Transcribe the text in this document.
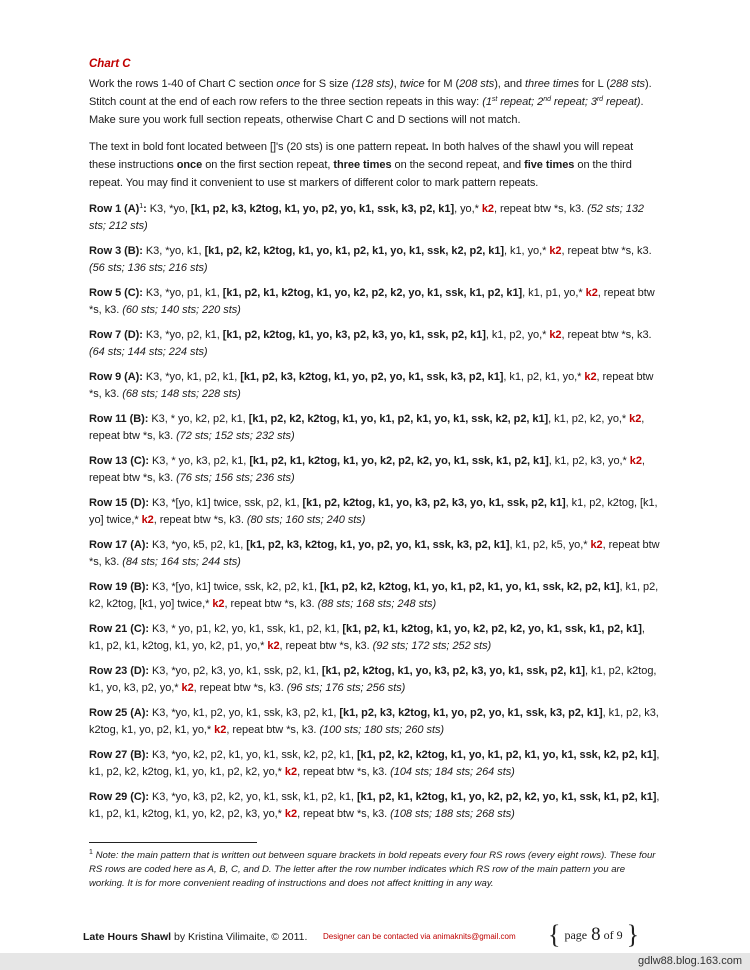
Chart C

Work the rows 1-40 of Chart C section once for S size (128 sts), twice for M (208 sts), and three times for L (288 sts). Stitch count at the end of each row refers to the three section repeats in this way: (1st repeat; 2nd repeat; 3rd repeat). Make sure you work full section repeats, otherwise Chart C and D sections will not match.

The text in bold font located between []'s (20 sts) is one pattern repeat. In both halves of the shawl you will repeat these instructions once on the first section repeat, three times on the second repeat, and five times on the third repeat. You may find it convenient to use st markers of different color to mark pattern repeats.

Row 1 $(A)^1$: K3, *yo, [k1, p2, k3, k2tog, k1, yo, p2, yo, k1, ssk, k3, p2, k1], yo,* k2, repeat btw *s, k3. (52 sts; 132 sts; 212 sts)

Row 3 (B): K3, *yo, k1, [k1, p2, k2, k2tog, k1, yo, k1, p2, k1, yo, k1, ssk, k2, p2, k1], k1, yo,* k2, repeat btw *s, k3. (56 sts; 136 sts; 216 sts)

Row 5 (C): K3, *yo, p1, k1, [k1, p2, k1, k2tog, k1, yo, k2, p2, k2, yo, k1, ssk, k1, p2, k1], k1, p1, yo,* k2, repeat btw *s, k3. (60 sts; 140 sts; 220 sts)

Row 7 (D): K3, *yo, p2, k1, [k1, p2, k2tog, k1, yo, k3, p2, k3, yo, k1, ssk, p2, k1], k1, p2, yo,* k2, repeat btw *s, k3. (64 sts; 144 sts; 224 sts)

Row 9 (A): K3, *yo, k1, p2, k1, [k1, p2, k3, k2tog, k1, yo, p2, yo, k1, ssk, k3, p2, k1], k1, p2, k1, yo,* k2, repeat btw *s, k3. (68 sts; 148 sts; 228 sts)

Row 11 (B): K3, * yo, k2, p2, k1, [k1, p2, k2, k2tog, k1, yo, k1, p2, k1, yo, k1, ssk, k2, p2, k1], k1, p2, k2, yo,* k2, repeat btw *s, k3. (72 sts; 152 sts; 232 sts)

Row 13 (C): K3, * yo, k3, p2, k1, [k1, p2, k1, k2tog, k1, yo, k2, p2, k2, yo, k1, ssk, k1, p2, k1], k1, p2, k3, yo,* k2, repeat btw *s, k3. (76 sts; 156 sts; 236 sts)

Row 15 (D): K3, *[yo, k1] twice, ssk, p2, k1, [k1, p2, k2tog, k1, yo, k3, p2, k3, yo, k1, ssk, p2, k1], k1, p2, k2tog, [k1, yo] twice,* k2, repeat btw *s, k3. (80 sts; 160 sts; 240 sts)

Row 17 (A): K3, *yo, k5, p2, k1, [k1, p2, k3, k2tog, k1, yo, p2, yo, k1, ssk, k3, p2, k1], k1, p2, k5, yo,* k2, repeat btw *s, k3. (84 sts; 164 sts; 244 sts)

Row 19 (B): K3, *[yo, k1] twice, ssk, k2, p2, k1, [k1, p2, k2, k2tog, k1, yo, k1, p2, k1, yo, k1, ssk, k2, p2, k1], k1, p2, k2, k2tog, [k1, yo] twice,* k2, repeat btw *s, k3. (88 sts; 168 sts; 248 sts)

Row 21 (C): K3, * yo, p1, k2, yo, k1, ssk, k1, p2, k1, [k1, p2, k1, k2tog, k1, yo, k2, p2, k2, yo, k1, ssk, k1, p2, k1], k1, p2, k1, k2tog, k1, yo, k2, p1, yo,* k2, repeat btw *s, k3. (92 sts; 172 sts; 252 sts)

Row 23 (D): K3, *yo, p2, k3, yo, k1, ssk, p2, k1, [k1, p2, k2tog, k1, yo, k3, p2, k3, yo, k1, ssk, p2, k1], k1, p2, k2tog, k1, yo, k3, p2, yo,* k2, repeat btw *s, k3. (96 sts; 176 sts; 256 sts)

Row 25 (A): K3, *yo, k1, p2, yo, k1, ssk, k3, p2, k1, [k1, p2, k3, k2tog, k1, yo, p2, yo, k1, ssk, k3, p2, k1], k1, p2, k3, k2tog, k1, yo, p2, k1, yo,* k2, repeat btw *s, k3. (100 sts; 180 sts; 260 sts)

Row 27 (B): K3, *yo, k2, p2, k1, yo, k1, ssk, k2, p2, k1, [k1, p2, k2, k2tog, k1, yo, k1, p2, k1, yo, k1, ssk, k2, p2, k1], k1, p2, k2, k2tog, k1, yo, k1, p2, k2, yo,* k2, repeat btw *s, k3. (104 sts; 184 sts; 264 sts)

Row 29 (C): K3, *yo, k3, p2, k2, yo, k1, ssk, k1, p2, k1, [k1, p2, k1, k2tog, k1, yo, k2, p2, k2, yo, k1, ssk, k1, p2, k1], k1, p2, k1, k2tog, k1, yo, k2, p2, k3, yo,* k2, repeat btw *s, k3. (108 sts; 188 sts; 268 sts)

$^1$ Note: the main pattern that is written out between square brackets in bold repeats every four RS rows (every eight rows). These four RS rows are coded here as A, B, C, and D. The letter after the row number indicates which RS row of the main pattern you are working. It is for more convenient reading of instructions and does not affect knitting in any way.
Late Hours Shawl by Kristina Vilimaite, © 2011. Designer can be contacted via animaknits@gmail.com { page 8 of 9 }
gdlw88.blog.163.com
